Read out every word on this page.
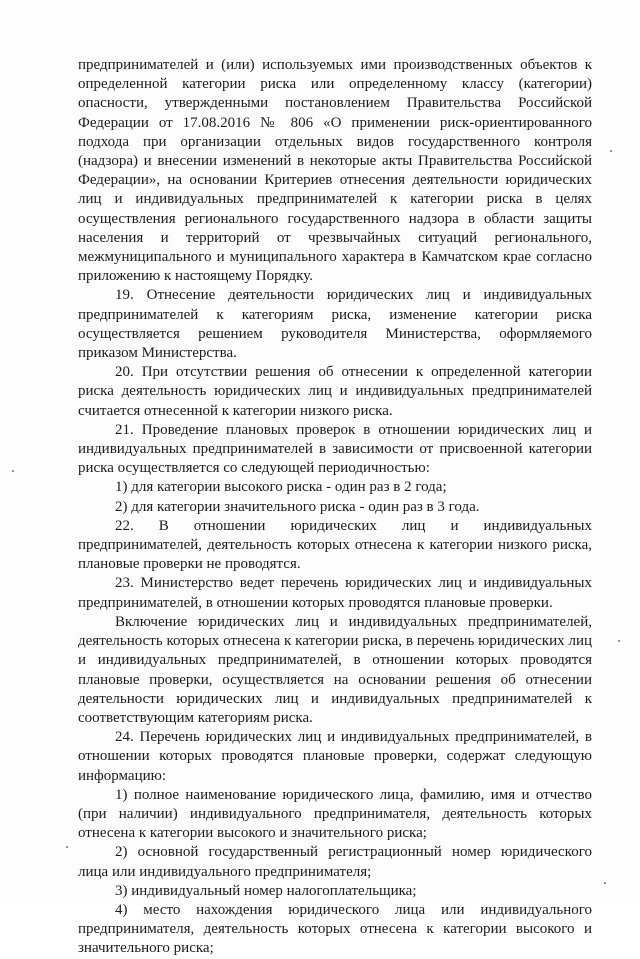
предпринимателей и (или) используемых ими производственных объектов к определенной категории риска или определенному классу (категории) опасности, утвержденными постановлением Правительства Российской Федерации от 17.08.2016 № 806 «О применении риск-ориентированного подхода при организации отдельных видов государственного контроля (надзора) и внесении изменений в некоторые акты Правительства Российской Федерации», на основании Критериев отнесения деятельности юридических лиц и индивидуальных предпринимателей к категории риска в целях осуществления регионального государственного надзора в области защиты населения и территорий от чрезвычайных ситуаций регионального, межмуниципального и муниципального характера в Камчатском крае согласно приложению к настоящему Порядку.

19. Отнесение деятельности юридических лиц и индивидуальных предпринимателей к категориям риска, изменение категории риска осуществляется решением руководителя Министерства, оформляемого приказом Министерства.

20. При отсутствии решения об отнесении к определенной категории риска деятельность юридических лиц и индивидуальных предпринимателей считается отнесенной к категории низкого риска.

21. Проведение плановых проверок в отношении юридических лиц и индивидуальных предпринимателей в зависимости от присвоенной категории риска осуществляется со следующей периодичностью:

1) для категории высокого риска - один раз в 2 года;

2) для категории значительного риска - один раз в 3 года.

22. В отношении юридических лиц и индивидуальных предпринимателей, деятельность которых отнесена к категории низкого риска, плановые проверки не проводятся.

23. Министерство ведет перечень юридических лиц и индивидуальных предпринимателей, в отношении которых проводятся плановые проверки.

Включение юридических лиц и индивидуальных предпринимателей, деятельность которых отнесена к категории риска, в перечень юридических лиц и индивидуальных предпринимателей, в отношении которых проводятся плановые проверки, осуществляется на основании решения об отнесении деятельности юридических лиц и индивидуальных предпринимателей к соответствующим категориям риска.

24. Перечень юридических лиц и индивидуальных предпринимателей, в отношении которых проводятся плановые проверки, содержат следующую информацию:

1) полное наименование юридического лица, фамилию, имя и отчество (при наличии) индивидуального предпринимателя, деятельность которых отнесена к категории высокого и значительного риска;

2) основной государственный регистрационный номер юридического лица или индивидуального предпринимателя;

3) индивидуальный номер налогоплательщика;

4) место нахождения юридического лица или индивидуального предпринимателя, деятельность которых отнесена к категории высокого и значительного риска;
